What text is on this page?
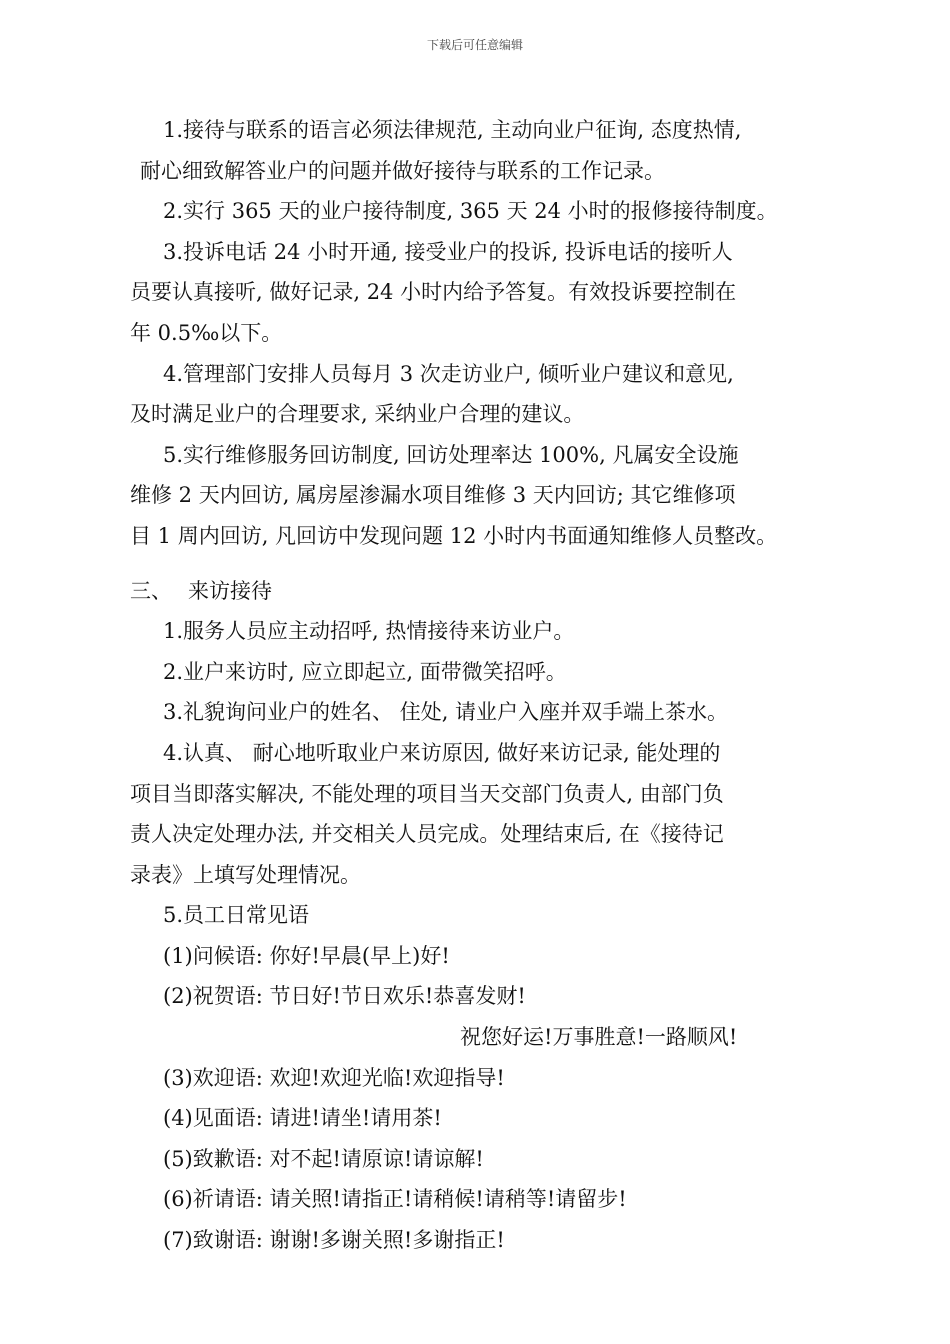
下载后可任意编辑

1.接待与联系的语言必须法律规范, 主动向业户征询, 态度热情,

耐心细致解答业户的问题并做好接待与联系的工作记录。

2.实行 365 天的业户接待制度, 365 天 24 小时的报修接待制度。

3.投诉电话 24 小时开通, 接受业户的投诉, 投诉电话的接听人

员要认真接听, 做好记录, 24 小时内给予答复。有效投诉要控制在

年 0.5‰以下。

4.管理部门安排人员每月 3 次走访业户, 倾听业户建议和意见,

及时满足业户的合理要求, 采纳业户合理的建议。

5.实行维修服务回访制度, 回访处理率达 100%, 凡属安全设施

维修 2 天内回访, 属房屋渗漏水项目维修 3 天内回访; 其它维修项

目 1 周内回访, 凡回访中发现问题 12 小时内书面通知维修人员整改。

三、 来访接待

1.服务人员应主动招呼, 热情接待来访业户。

2.业户来访时, 应立即起立, 面带微笑招呼。

3.礼貌询问业户的姓名、 住处, 请业户入座并双手端上茶水。

4.认真、 耐心地听取业户来访原因, 做好来访记录, 能处理的

项目当即落实解决, 不能处理的项目当天交部门负责人, 由部门负

责人决定处理办法, 并交相关人员完成。处理结束后, 在《接待记

录表》上填写处理情况。

5.员工日常见语

(1)问候语: 你好!早晨(早上)好!

(2)祝贺语: 节日好!节日欢乐!恭喜发财!

祝您好运!万事胜意!一路顺风!

(3)欢迎语: 欢迎!欢迎光临!欢迎指导!

(4)见面语: 请进!请坐!请用茶!

(5)致歉语: 对不起!请原谅!请谅解!

(6)祈请语: 请关照!请指正!请稍候!请稍等!请留步!

(7)致谢语: 谢谢!多谢关照!多谢指正!
